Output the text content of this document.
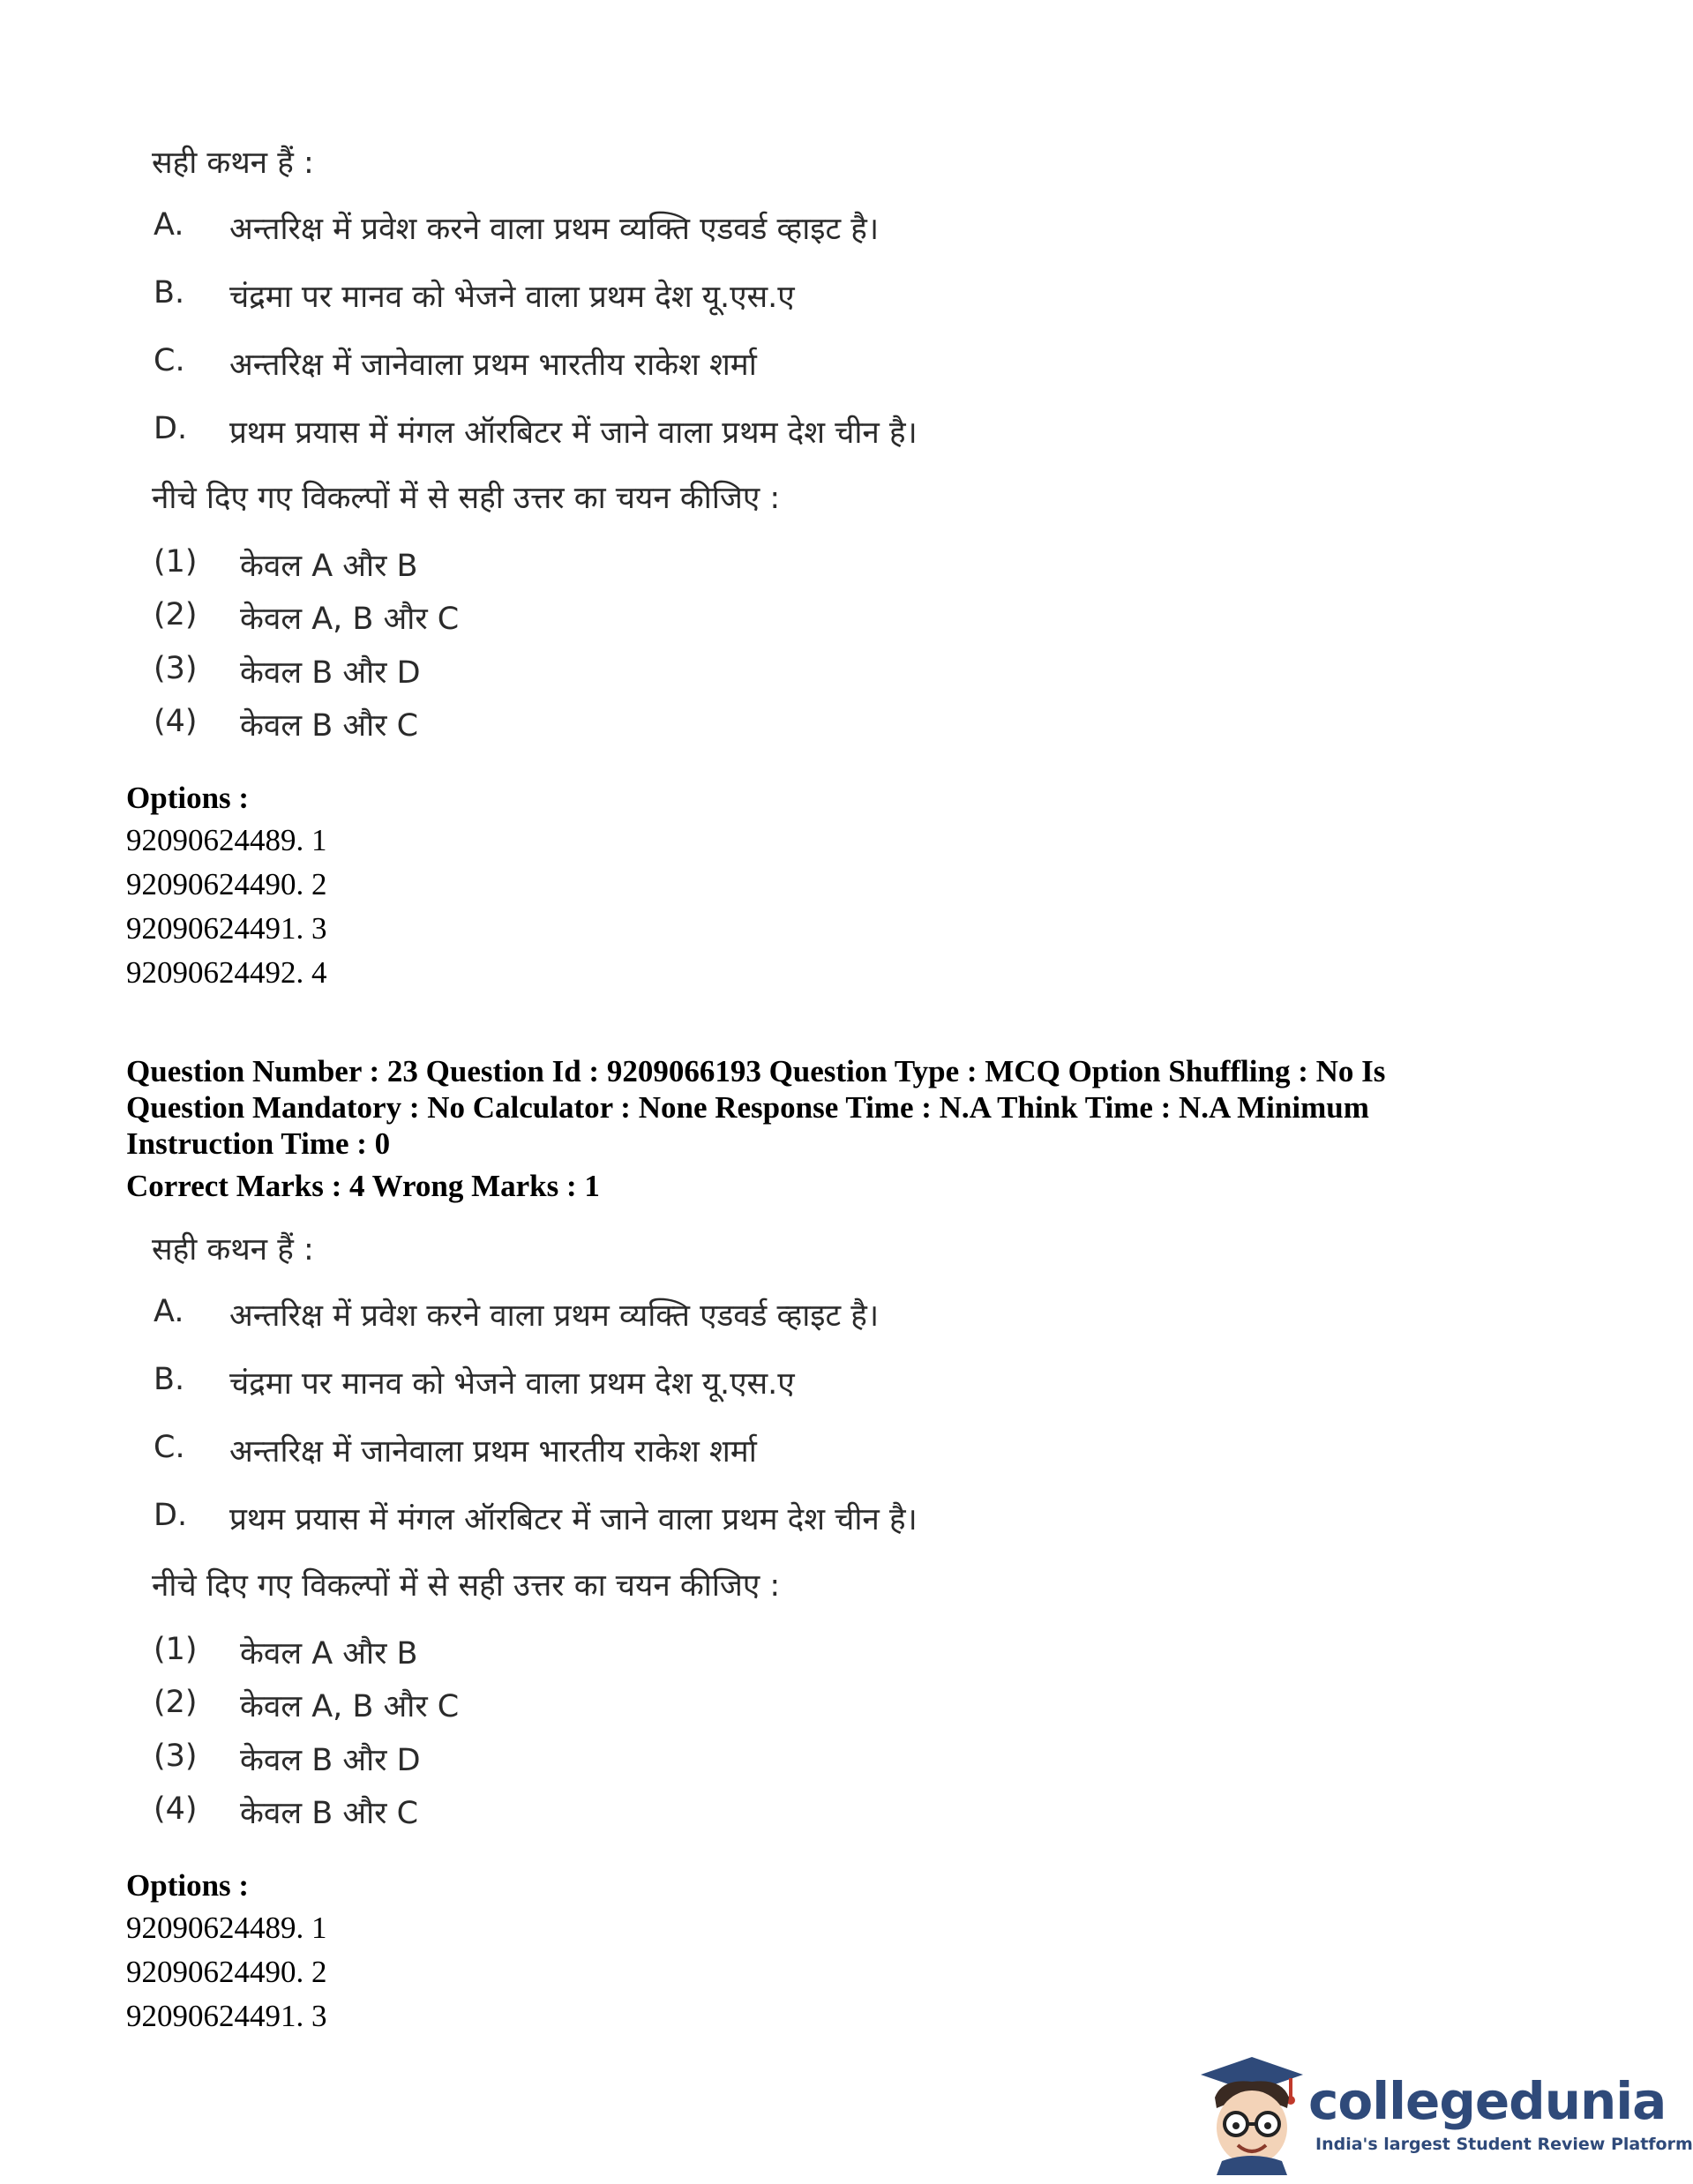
सही कथन हैं :
A.	अन्तरिक्ष में प्रवेश करने वाला प्रथम व्यक्ति एडवर्ड व्हाइट है।
B.	चंद्रमा पर मानव को भेजने वाला प्रथम देश यू.एस.ए
C.	अन्तरिक्ष में जानेवाला प्रथम भारतीय राकेश शर्मा
D.	प्रथम प्रयास में मंगल ऑरबिटर में जाने वाला प्रथम देश चीन है।
नीचे दिए गए विकल्पों में से सही उत्तर का चयन कीजिए :
(1) केवल A और B
(2) केवल A, B और C
(3) केवल B और D
(4) केवल B और C
Options :
92090624489. 1
92090624490. 2
92090624491. 3
92090624492. 4
Question Number : 23 Question Id : 9209066193 Question Type : MCQ Option Shuffling : No Is
Question Mandatory : No Calculator : None Response Time : N.A Think Time : N.A Minimum
Instruction Time : 0
Correct Marks : 4 Wrong Marks : 1
सही कथन हैं :
A.	अन्तरिक्ष में प्रवेश करने वाला प्रथम व्यक्ति एडवर्ड व्हाइट है।
B.	चंद्रमा पर मानव को भेजने वाला प्रथम देश यू.एस.ए
C.	अन्तरिक्ष में जानेवाला प्रथम भारतीय राकेश शर्मा
D.	प्रथम प्रयास में मंगल ऑरबिटर में जाने वाला प्रथम देश चीन है।
नीचे दिए गए विकल्पों में से सही उत्तर का चयन कीजिए :
(1) केवल A और B
(2) केवल A, B और C
(3) केवल B और D
(4) केवल B और C
Options :
92090624489. 1
92090624490. 2
92090624491. 3
collegedunia
India's largest Student Review Platform
